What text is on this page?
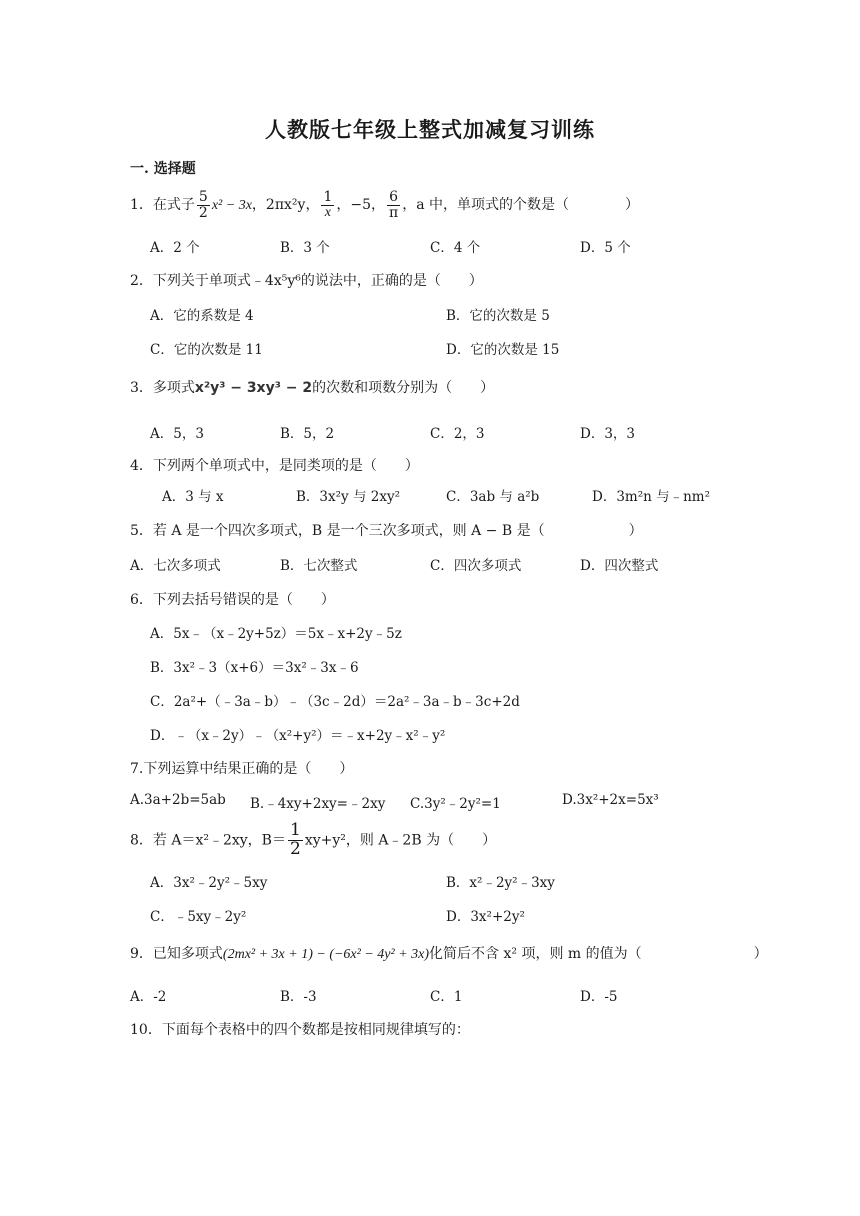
人教版七年级上整式加减复习训练
一. 选择题
1．在式子 $\frac{5}{2} x^2 - 3x$，2πx²y， $\frac{1}{x}$ ，−5， $\frac{6}{\pi}$ ，a 中，单项式的个数是（　　　　）
A．2 个	B．3 个	C．4 个	D．5 个
2．下列关于单项式﹣4x⁵y⁶的说法中，正确的是（　　）
A．它的系数是 4	B．它的次数是 5
C．它的次数是 11	D．它的次数是 15
3．多项式x²y³ − 3xy³ − 2的次数和项数分别为（　　）
A．5，3	B．5，2	C．2，3	D．3，3
4．下列两个单项式中，是同类项的是（　　）
A．3 与 x	B．3x²y 与 2xy²	C．3ab 与 a²b	D．3m²n 与﹣nm²
5．若 A 是一个四次多项式，B 是一个三次多项式，则 A − B 是（　　　　　　）
A．七次多项式	B．七次整式	C．四次多项式	D．四次整式
6．下列去括号错误的是（　　）
A．5x﹣（x﹣2y+5z）＝5x﹣x+2y﹣5z
B．3x²﹣3（x+6）＝3x²﹣3x﹣6
C．2a²+（﹣3a﹣b）﹣（3c﹣2d）＝2a²﹣3a﹣b﹣3c+2d
D．﹣（x﹣2y）﹣（x²+y²）＝﹣x+2y﹣x²﹣y²
7.下列运算中结果正确的是（　　）
A.3a+2b=5ab B.﹣4xy+2xy=﹣2xy C.3y²﹣2y²=1	D.3x²+2x=5x³
8．若 A＝x²﹣2xy，$B= \frac{1}{2} xy+y^2$，则 A﹣2B 为（　　）
A．3x²﹣2y²﹣5xy	B．x²﹣2y²﹣3xy
C．﹣5xy﹣2y²	D．3x²+2y²
9．已知多项式(2mx² + 3x + 1) − (−6x² − 4y² + 3x)化简后不含 x² 项，则 m 的值为（　　　　　　　　）
A．-2	B．-3	C．1	D．-5
10．下面每个表格中的四个数都是按相同规律填写的：
